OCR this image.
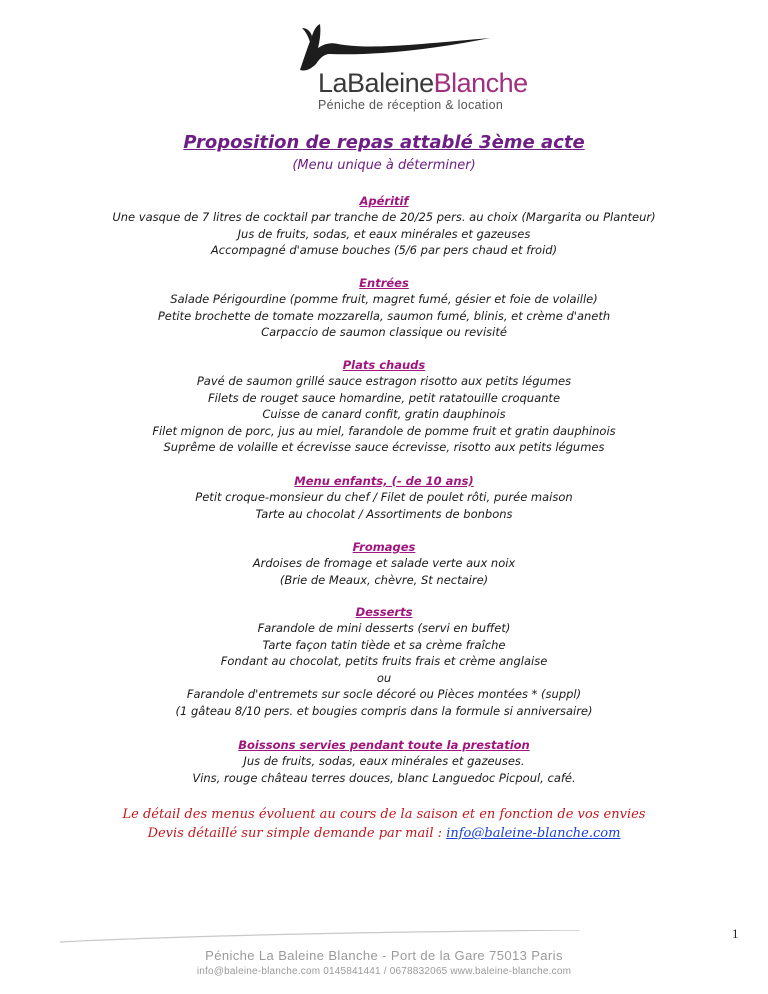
LaBaleineBlanche
Péniche de réception & location
Proposition de repas attablé 3ème acte
(Menu unique à déterminer)
Apéritif
Une vasque de 7 litres de cocktail par tranche de 20/25 pers. au choix (Margarita ou Planteur)
Jus de fruits, sodas, et eaux minérales et gazeuses
Accompagné d'amuse bouches (5/6 par pers chaud et froid)
Entrées
Salade Périgourdine (pomme fruit, magret fumé, gésier et foie de volaille)
Petite brochette de tomate mozzarella, saumon fumé, blinis, et crème d'aneth
Carpaccio de saumon classique ou revisité
Plats chauds
Pavé de saumon grillé sauce estragon risotto aux petits légumes
Filets de rouget sauce homardine, petit ratatouille croquante
Cuisse de canard confit, gratin dauphinois
Filet mignon de porc, jus au miel, farandole de pomme fruit et gratin dauphinois
Suprême de volaille et écrevisse sauce écrevisse, risotto aux petits légumes
Menu enfants, (- de 10 ans)
Petit croque-monsieur du chef / Filet de poulet rôti, purée maison
Tarte au chocolat / Assortiments de bonbons
Fromages
Ardoises de fromage et salade verte aux noix
(Brie de Meaux, chèvre, St nectaire)
Desserts
Farandole de mini desserts (servi en buffet)
Tarte façon tatin tiède et sa crème fraîche
Fondant au chocolat, petits fruits frais et crème anglaise
ou
Farandole d'entremets sur socle décoré ou Pièces montées * (suppl)
(1 gâteau 8/10 pers. et bougies compris dans la formule si anniversaire)
Boissons servies pendant toute la prestation
Jus de fruits, sodas, eaux minérales et gazeuses.
Vins, rouge château terres douces, blanc Languedoc Picpoul, café.
Le détail des menus évoluent au cours de la saison et en fonction de vos envies
Devis détaillé sur simple demande par mail : info@baleine-blanche.com
1
Péniche La Baleine Blanche - Port de la Gare 75013 Paris
info@baleine-blanche.com 0145841441 / 0678832065 www.baleine-blanche.com
